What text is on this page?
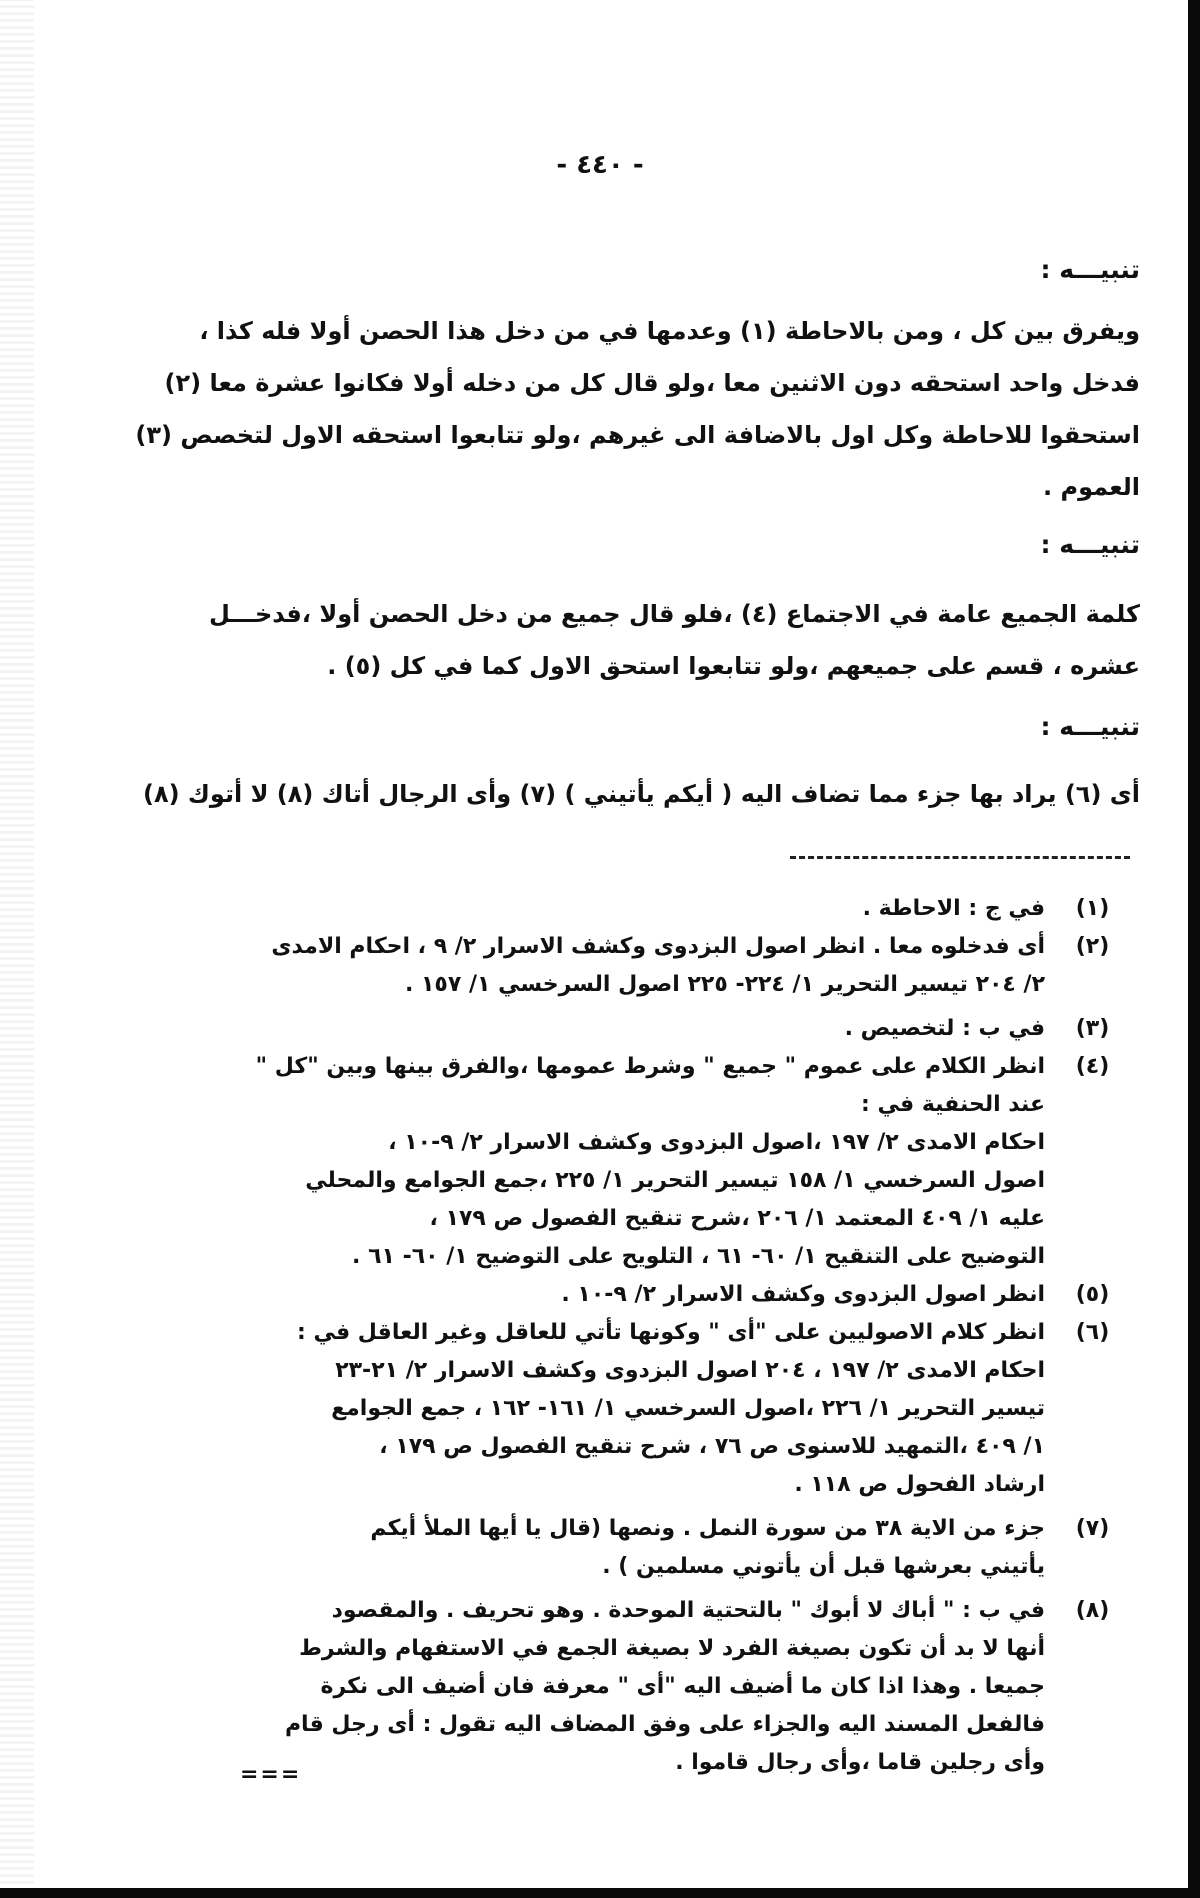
- ٤٤٠ -
تنبيـــه :
ويفرق بين كل ، ومن بالاحاطة (١) وعدمها في من دخل هذا الحصن أولا فله كذا ،
فدخل واحد استحقه دون الاثنين معا ،ولو قال كل من دخله أولا فكانوا عشرة معا (٢)
استحقوا للاحاطة وكل اول بالاضافة الى غيرهم ،ولو تتابعوا استحقه الاول لتخصص (٣)
العموم .
تنبيـــه :
كلمة الجميع عامة في الاجتماع (٤) ،فلو قال جميع من دخل الحصن أولا ،فدخـــل
عشره ، قسم على جميعهم ،ولو تتابعوا استحق الاول كما في كل (٥) .
تنبيـــه :
أى (٦) يراد بها جزء مما تضاف اليه ( أيكم يأتيني ) (٧) وأى الرجال أتاك (٨) لا أتوك (٨)
(١)
في ج : الاحاطة .
(٢)
أى فدخلوه معا . انظر اصول البزدوى وكشف الاسرار ٢/ ٩ ، احكام الامدى
٢/ ٢٠٤ تيسير التحرير ١/ ٢٢٤- ٢٢٥ اصول السرخسي ١/ ١٥٧ .
(٣)
في ب : لتخصيص .
(٤)
انظر الكلام على عموم " جميع " وشرط عمومها ،والفرق بينها وبين "كل "
عند الحنفية في :
احكام الامدى ٢/ ١٩٧ ،اصول البزدوى وكشف الاسرار ٢/ ٩-١٠ ،
اصول السرخسي ١/ ١٥٨ تيسير التحرير ١/ ٢٢٥ ،جمع الجوامع والمحلي
عليه ١/ ٤٠٩ المعتمد ١/ ٢٠٦ ،شرح تنقيح الفصول ص ١٧٩ ،
التوضيح على التنقيح ١/ ٦٠- ٦١ ، التلويح على التوضيح ١/ ٦٠- ٦١ .
(٥)
انظر اصول البزدوى وكشف الاسرار ٢/ ٩-١٠ .
(٦)
انظر كلام الاصوليين على "أى " وكونها تأتي للعاقل وغير العاقل في :
احكام الامدى ٢/ ١٩٧ ، ٢٠٤ اصول البزدوى وكشف الاسرار ٢/ ٢١-٢٣
تيسير التحرير ١/ ٢٢٦ ،اصول السرخسي ١/ ١٦١- ١٦٢ ، جمع الجوامع
١/ ٤٠٩ ،التمهيد للاسنوى ص ٧٦ ، شرح تنقيح الفصول ص ١٧٩ ،
ارشاد الفحول ص ١١٨ .
(٧)
جزء من الاية ٣٨ من سورة النمل . ونصها (قال يا أيها الملأ أيكم
يأتيني بعرشها قبل أن يأتوني مسلمين ) .
(٨)
في ب : " أباك لا أبوك " بالتحتية الموحدة . وهو تحريف . والمقصود
أنها لا بد أن تكون بصيغة الفرد لا بصيغة الجمع في الاستفهام والشرط
جميعا . وهذا اذا كان ما أضيف اليه "أى " معرفة فان أضيف الى نكرة
فالفعل المسند اليه والجزاء على وفق المضاف اليه تقول : أى رجل قام
وأى رجلين قاما ،وأى رجال قاموا .
===
